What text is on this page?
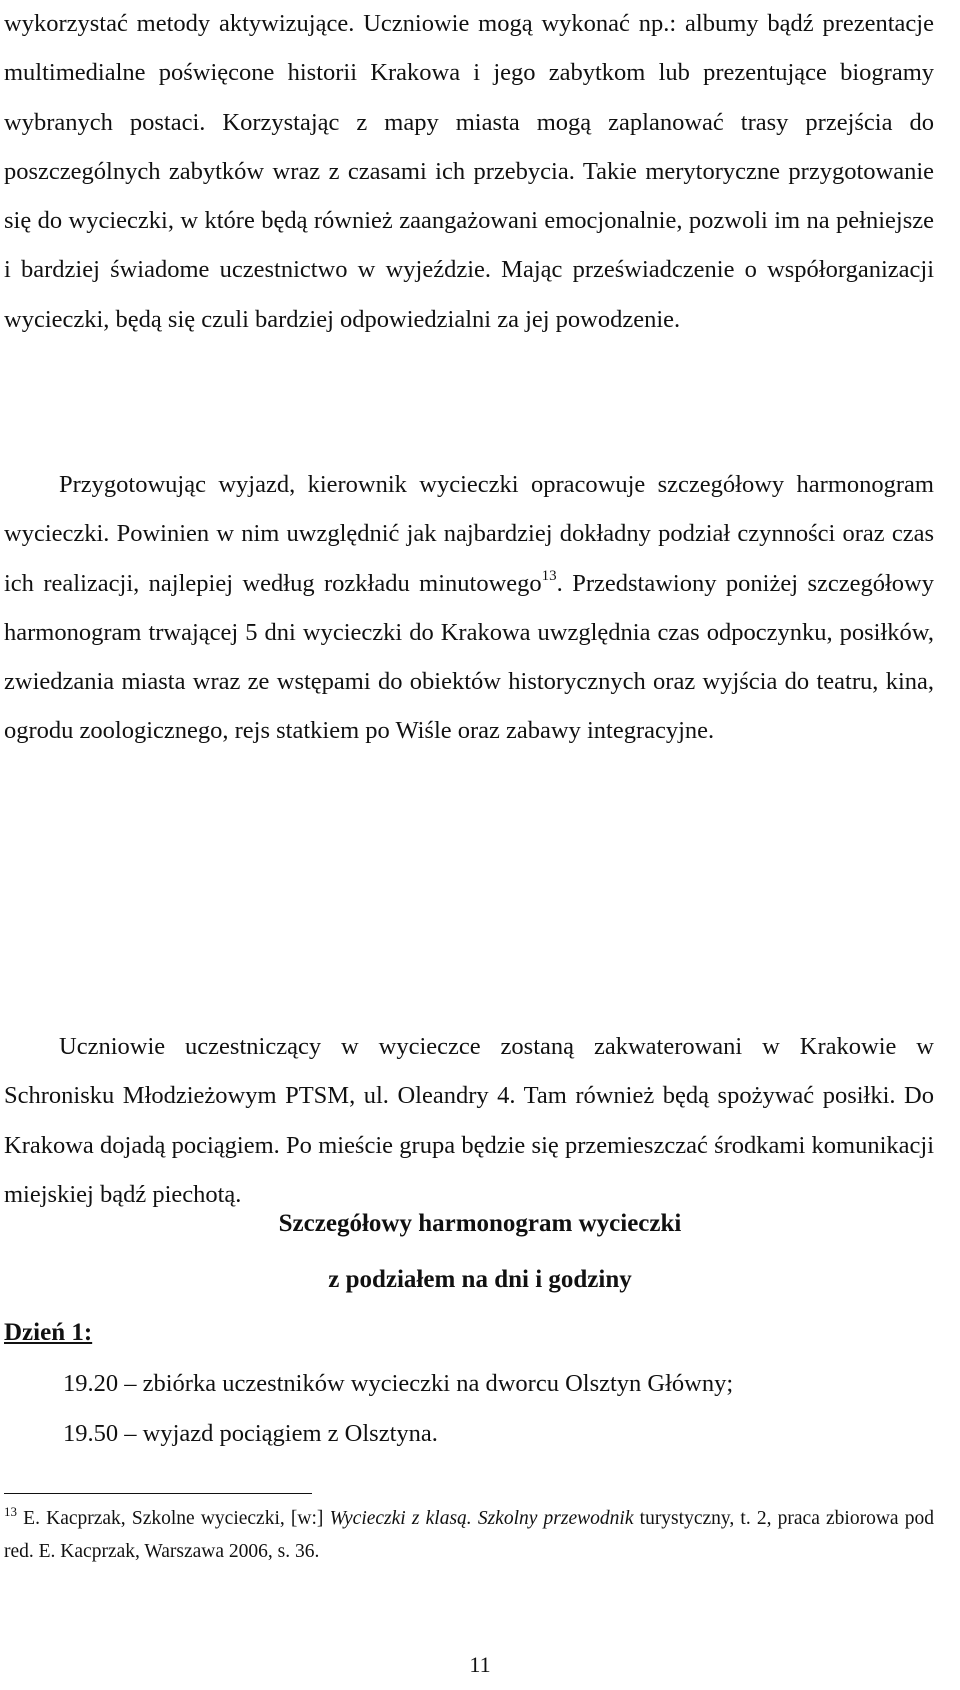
wykorzystać metody aktywizujące. Uczniowie mogą wykonać np.: albumy bądź prezentacje multimedialne poświęcone historii Krakowa i jego zabytkom lub prezentujące biogramy wybranych postaci. Korzystając z mapy miasta mogą zaplanować trasy przejścia do poszczególnych zabytków wraz z czasami ich przebycia. Takie merytoryczne przygotowanie się do wycieczki, w które będą również zaangażowani emocjonalnie, pozwoli im na pełniejsze i bardziej świadome uczestnictwo w wyjeździe. Mając przeświadczenie o współorganizacji wycieczki, będą się czuli bardziej odpowiedzialni za jej powodzenie.
Przygotowując wyjazd, kierownik wycieczki opracowuje szczegółowy harmonogram wycieczki. Powinien w nim uwzględnić jak najbardziej dokładny podział czynności oraz czas ich realizacji, najlepiej według rozkładu minutowego$^{13}$. Przedstawiony poniżej szczegółowy harmonogram trwającej 5 dni wycieczki do Krakowa uwzględnia czas odpoczynku, posiłków, zwiedzania miasta wraz ze wstępami do obiektów historycznych oraz wyjścia do teatru, kina, ogrodu zoologicznego, rejs statkiem po Wiśle oraz zabawy integracyjne.
Uczniowie uczestniczący w wycieczce zostaną zakwaterowani w Krakowie w Schronisku Młodzieżowym PTSM, ul. Oleandry 4. Tam również będą spożywać posiłki. Do Krakowa dojadą pociągiem. Po mieście grupa będzie się przemieszczać środkami komunikacji miejskiej bądź piechotą.
Szczegółowy harmonogram wycieczki
z podziałem na dni i godziny
Dzień 1:
19.20 – zbiórka uczestników wycieczki na dworcu Olsztyn Główny;
19.50 – wyjazd pociągiem z Olsztyna.
$^{13}$ E. Kacprzak, Szkolne wycieczki, [w:] Wycieczki z klasą. Szkolny przewodnik turystyczny, t. 2, praca zbiorowa pod red. E. Kacprzak, Warszawa 2006, s. 36.
11
